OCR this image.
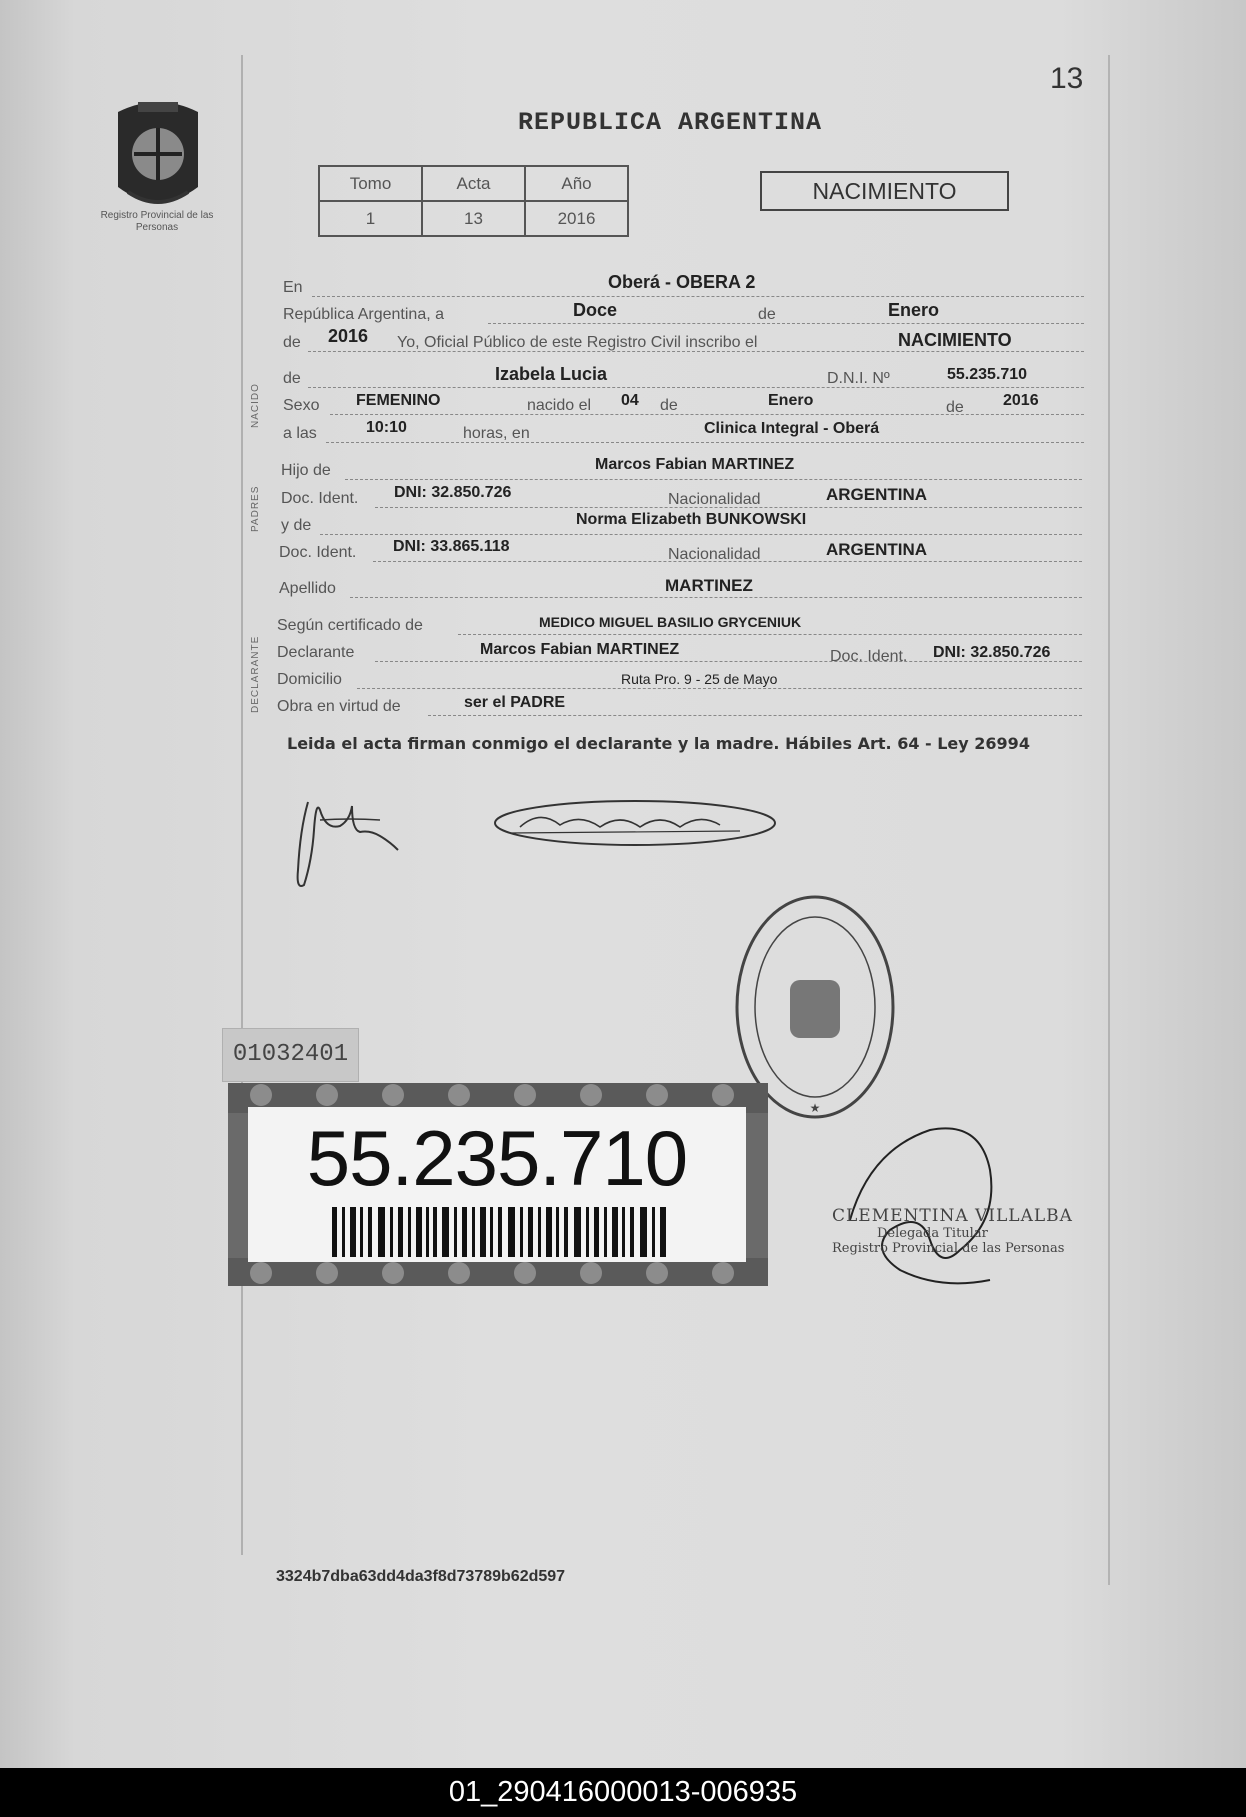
Registro Provincial de las Personas
13
REPUBLICA ARGENTINA
Tomo	Acta	Año
1	13	2016
NACIMIENTO
NACIDO
PADRES
DECLARANTE
En	Oberá - OBERA 2
República Argentina, a	Doce	de	Enero
de 2016 Yo, Oficial Público de este Registro Civil inscribo el	NACIMIENTO
de	Izabela Lucia	D.N.I. Nº	55.235.710
Sexo FEMENINO	nacido el 04 de	Enero	de 2016
a las	10:10	horas, en	Clinica Integral - Oberá
Hijo de	Marcos Fabian MARTINEZ
Doc. Ident. DNI: 32.850.726	Nacionalidad	ARGENTINA
y de	Norma Elizabeth BUNKOWSKI
Doc. Ident. DNI: 33.865.118	Nacionalidad	ARGENTINA
Apellido	MARTINEZ
Según certificado de	MEDICO MIGUEL BASILIO GRYCENIUK
Declarante	Marcos Fabian MARTINEZ	Doc. Ident. DNI: 32.850.726
Domicilio	Ruta Pro. 9 - 25 de Mayo
Obra en virtud de	ser el PADRE
Leida el acta firman conmigo el declarante y la madre. Hábiles Art. 64 - Ley 26994
★
01032401
55.235.710
CLEMENTINA VILLALBA
Delegada Titular
Registro Provincial de las Personas
3324b7dba63dd4da3f8d73789b62d597
01_290416000013-006935
